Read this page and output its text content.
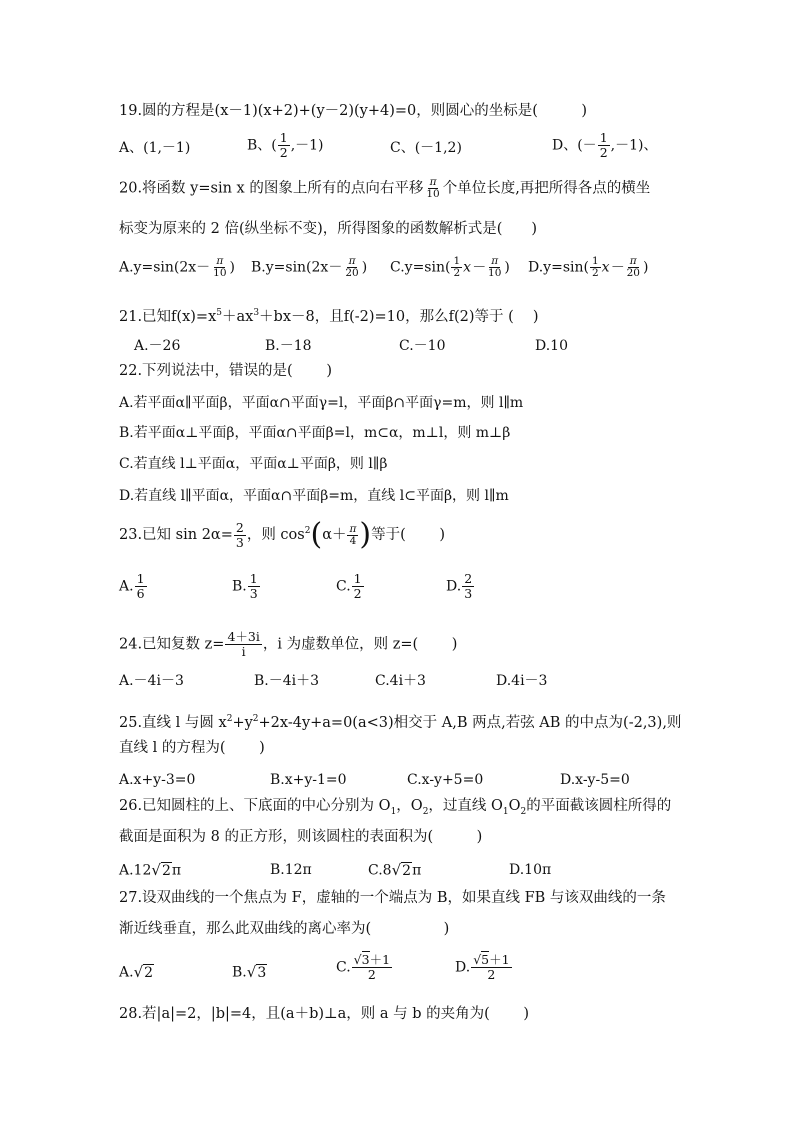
19.圆的方程是(x－1)(x+2)+(y－2)(y+4)=0，则圆心的坐标是(　　　)
A、(1,－1)	B、( $\frac{1}{2} ,-1$)	C、(－1,2)	D、(－ $\frac{1}{2} ,-1$)、
20.将函数 y=sin x 的图象上所有的点向右平移 $\frac{\pi}{10}$ 个单位长度,再把所得各点的横坐
标变为原来的 2 倍(纵坐标不变)，所得图象的函数解析式是(　　)
$A.y=\sin(2x- \frac{\pi}{10}$ ) $B.y=\sin(2x- \frac{\pi}{20}$ ) $C.y=\sin( \frac{1}{2} x- \frac{\pi}{10}$ ) $D.y=\sin( \frac{1}{2} x- \frac{\pi}{20}$ )
21.已知$f(x)=x^5+ax^3+bx-8$，且f(-2)=10，那么f(2)等于 (　 )
A.－26	B.－18	C.－10	D.10
22.下列说法中，错误的是(　　 )
A.若平面α∥平面β，平面α∩平面γ=l，平面β∩平面γ=m，则 l∥m
B.若平面α⊥平面β，平面α∩平面β=l，m⊂α，m⊥l，则 m⊥β
C.若直线 l⊥平面α，平面α⊥平面β，则 l∥β
D.若直线 l∥平面α，平面α∩平面β=m，直线 l⊂平面β，则 l∥m
23.已知 $\sin 2\alpha= \frac{2}{3}$ ，则 $\cos^2(\alpha+ \frac{\pi}{4}$ )等于(　　 )
A. $\frac{1}{6}$	B. $\frac{1}{3}$	C. $\frac{1}{2}$	D. $\frac{2}{3}$
24.已知复数 $z= \frac{4+3i}{i}$ ，i 为虚数单位，则 z=(　　 )
A.－4i－3	B.－4i＋3	C.4i＋3	D.4i－3
25.直线 l 与圆 $x^2+y^2+2x-4y+a=0(a<3)$相交于 A,B 两点,若弦 AB 的中点为(-2,3),则
直线 l 的方程为(　　 )
A.x+y-3=0	B.x+y-1=0	C.x-y+5=0	D.x-y-5=0
26.已知圆柱的上、下底面的中心分别为 $O_1$，$O_2$，过直线 $O_1O_2$的平面截该圆柱所得的
截面是面积为 8 的正方形，则该圆柱的表面积为(　　　)
A.12√2π	B.12π	C.8√2π	D.10π
27.设双曲线的一个焦点为 F，虚轴的一个端点为 B，如果直线 FB 与该双曲线的一条
渐近线垂直，那么此双曲线的离心率为(　　　　　)
A.√2	B.√3	C. $\frac{√3+1}{2}$	D. $\frac{√5+1}{2}$
28.若|a|=2，|b|=4，且(a＋b)⊥a，则 a 与 b 的夹角为(　　 )
